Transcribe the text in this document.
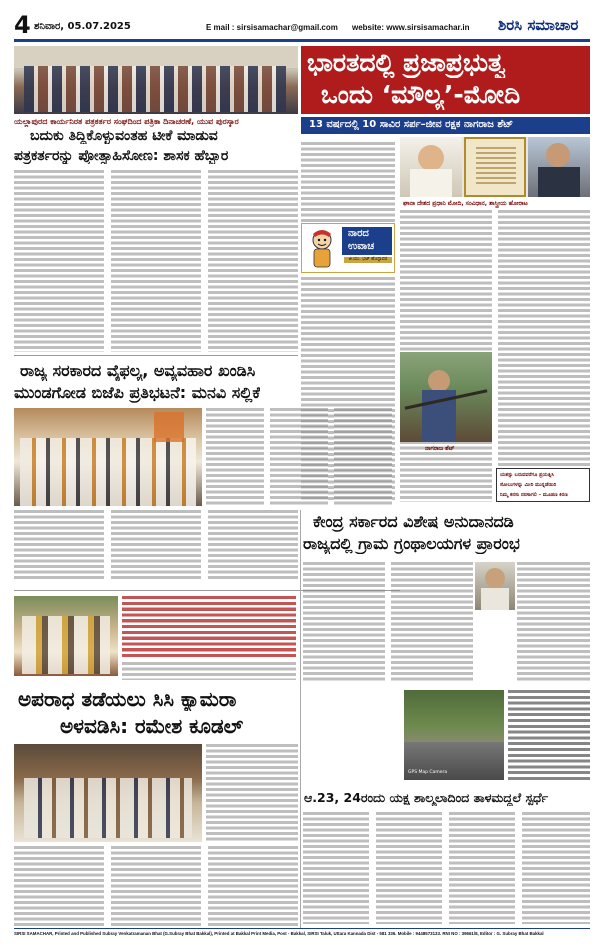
4 ಶನಿವಾರ, 05.07.2025	E mail : sirsisamachar@gmail.com website: www.sirsisamachar.in ಶಿರಸಿ ಸಮಾಚಾರ
ಯಲ್ಲಾಪುರದ ಕಾರ್ಯನಿರತ ಪತ್ರಕರ್ತರ ಸಂಘದಿಂದ ಪತ್ರಿಕಾ ದಿನಾಚರಣೆ, ಯುವ ಪುರಸ್ಕಾರ
ಬದುಕು ತಿದ್ದಿಕೊಳ್ಳುವಂತಹ ಟೀಕೆ ಮಾಡುವ
ಪತ್ರಕರ್ತರನ್ನು ಪ್ರೋತ್ಸಾಹಿಸೋಣ: ಶಾಸಕ ಹೆಬ್ಬಾರ
ಭಾರತದಲ್ಲಿ ಪ್ರಜಾಪ್ರಭುತ್ವ
ಒಂದು ‘ಮೌಲ್ಯ’-ಮೋದಿ
13 ವರ್ಷದಲ್ಲಿ 10 ಸಾವಿರ ಸರ್ಪ–ಜೀವ ರಕ್ಷಕ ನಾಗರಾಜ ಶೆಟ್
ನಾರದ
ಉವಾಚ
ಜಿ.ಯು. ಭಟ್ ಹೊನ್ನಾವರ
ಘಾನಾ ದೇಶದ ಪ್ರಧಾನಿ ಮೋದಿ, ಸಂವಿಧಾನ, ಶಾಸ್ತ್ರೀಯ ಹೋರಾಟ
ನಾಗರಾಜ ಶೆಟ್
ಯಶಸ್ಸು ಬರುವವರೆಗೂ ಪ್ರಯತ್ನಿಸಿ
ಸೋಲುಗಳನ್ನು ಮೀರಿ ಮುನ್ನಡೆಯಿರಿ
ನಿಮ್ಮ ಕನಸು ನನಸಾಗಲಿ – ಮೂಡಣ ಕಿರಣ
ರಾಜ್ಯ ಸರಕಾರದ ವೈಫಲ್ಯ, ಅವ್ಯವಹಾರ ಖಂಡಿಸಿ
ಮುಂಡಗೋಡ ಬಿಜೆಪಿ ಪ್ರತಿಭಟನೆ: ಮನವಿ ಸಲ್ಲಿಕೆ
ಕೇಂದ್ರ ಸರ್ಕಾರದ ವಿಶೇಷ ಅನುದಾನದಡಿ
ರಾಜ್ಯದಲ್ಲಿ ಗ್ರಾಮ ಗ್ರಂಥಾಲಯಗಳ ಪ್ರಾರಂಭ
ಅಪರಾಧ ತಡೆಯಲು ಸಿಸಿ ಕ್ಯಾಮರಾ
ಅಳವಡಿಸಿ: ರಮೇಶ ಕೂಡಲ್
GPS Map Camera
ಆ.23, 24ರಂದು ಯಕ್ಷ ಶಾಲ್ಮಲಾದಿಂದ ತಾಳಮದ್ದಲೆ ಸ್ಪರ್ಧೆ
SIRSI SAMACHAR, Printed and Published Subray Venkatramanan Bhat (G.Subray Bhat Bakkal), Printed at Bakkal Print Media, Post - Bakkal, SIRSI Taluk, Uttara Kannada Dist - 581 336. Mobile : 9448573133. RNI NO : 39661/8, Editor : G. Subray Bhat Bakkal
